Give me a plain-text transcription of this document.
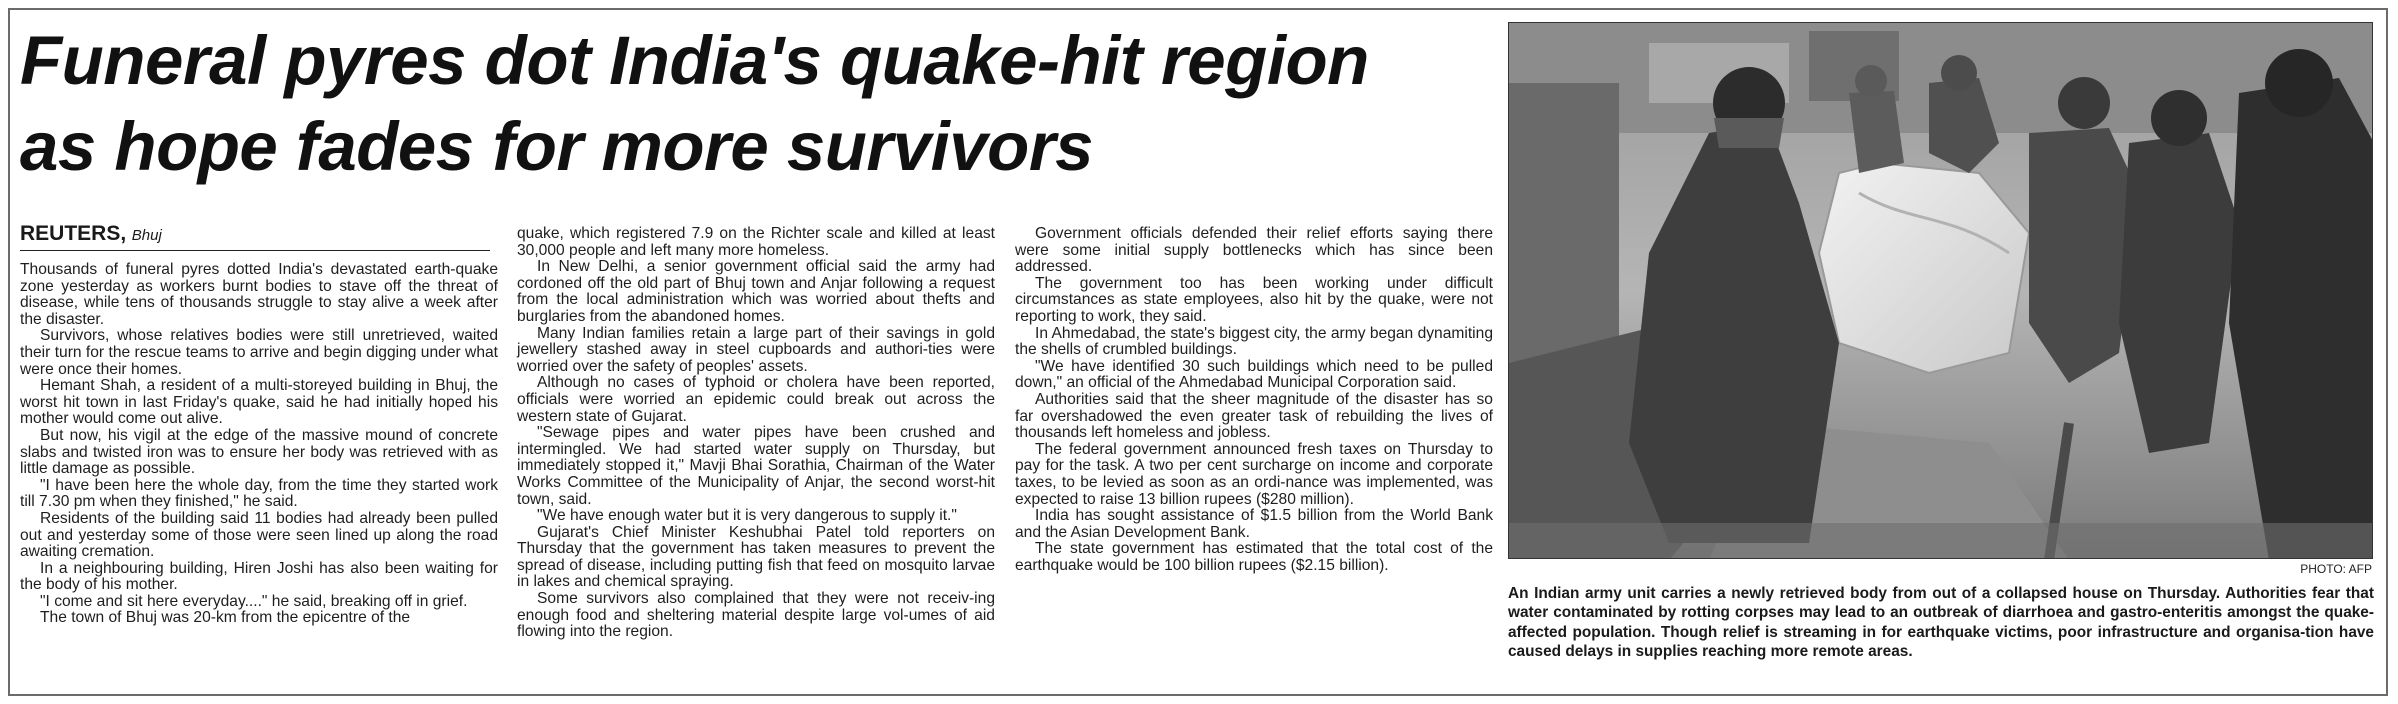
Funeral pyres dot India's quake-hit region
as hope fades for more survivors
REUTERS, Bhuj

Thousands of funeral pyres dotted India's devastated earth-quake zone yesterday as workers burnt bodies to stave off the threat of disease, while tens of thousands struggle to stay alive a week after the disaster.

Survivors, whose relatives bodies were still unretrieved, waited their turn for the rescue teams to arrive and begin digging under what were once their homes.

Hemant Shah, a resident of a multi-storeyed building in Bhuj, the worst hit town in last Friday's quake, said he had initially hoped his mother would come out alive.

But now, his vigil at the edge of the massive mound of concrete slabs and twisted iron was to ensure her body was retrieved with as little damage as possible.

"I have been here the whole day, from the time they started work till 7.30 pm when they finished," he said.

Residents of the building said 11 bodies had already been pulled out and yesterday some of those were seen lined up along the road awaiting cremation.

In a neighbouring building, Hiren Joshi has also been waiting for the body of his mother.

"I come and sit here everyday...." he said, breaking off in grief.

The town of Bhuj was 20-km from the epicentre of the

quake, which registered 7.9 on the Richter scale and killed at least 30,000 people and left many more homeless.

In New Delhi, a senior government official said the army had cordoned off the old part of Bhuj town and Anjar following a request from the local administration which was worried about thefts and burglaries from the abandoned homes.

Many Indian families retain a large part of their savings in gold jewellery stashed away in steel cupboards and authori-ties were worried over the safety of peoples' assets.

Although no cases of typhoid or cholera have been reported, officials were worried an epidemic could break out across the western state of Gujarat.

"Sewage pipes and water pipes have been crushed and intermingled. We had started water supply on Thursday, but immediately stopped it," Mavji Bhai Sorathia, Chairman of the Water Works Committee of the Municipality of Anjar, the second worst-hit town, said.

"We have enough water but it is very dangerous to supply it."

Gujarat's Chief Minister Keshubhai Patel told reporters on Thursday that the government has taken measures to prevent the spread of disease, including putting fish that feed on mosquito larvae in lakes and chemical spraying.

Some survivors also complained that they were not receiv-ing enough food and sheltering material despite large vol-umes of aid flowing into the region.

Government officials defended their relief efforts saying there were some initial supply bottlenecks which has since been addressed.

The government too has been working under difficult circumstances as state employees, also hit by the quake, were not reporting to work, they said.

In Ahmedabad, the state's biggest city, the army began dynamiting the shells of crumbled buildings.

"We have identified 30 such buildings which need to be pulled down," an official of the Ahmedabad Municipal Corporation said.

Authorities said that the sheer magnitude of the disaster has so far overshadowed the even greater task of rebuilding the lives of thousands left homeless and jobless.

The federal government announced fresh taxes on Thursday to pay for the task. A two per cent surcharge on income and corporate taxes, to be levied as soon as an ordi-nance was implemented, was expected to raise 13 billion rupees ($280 million).

India has sought assistance of $1.5 billion from the World Bank and the Asian Development Bank.

The state government has estimated that the total cost of the earthquake would be 100 billion rupees ($2.15 billion).	PHOTO: AFP

An Indian army unit carries a newly retrieved body from out of a collapsed house on Thursday. Authorities fear that water contaminated by rotting corpses may lead to an outbreak of diarrhoea and gastro-enteritis amongst the quake-affected population. Though relief is streaming in for earthquake victims, poor infrastructure and organisa-tion have caused delays in supplies reaching more remote areas.
